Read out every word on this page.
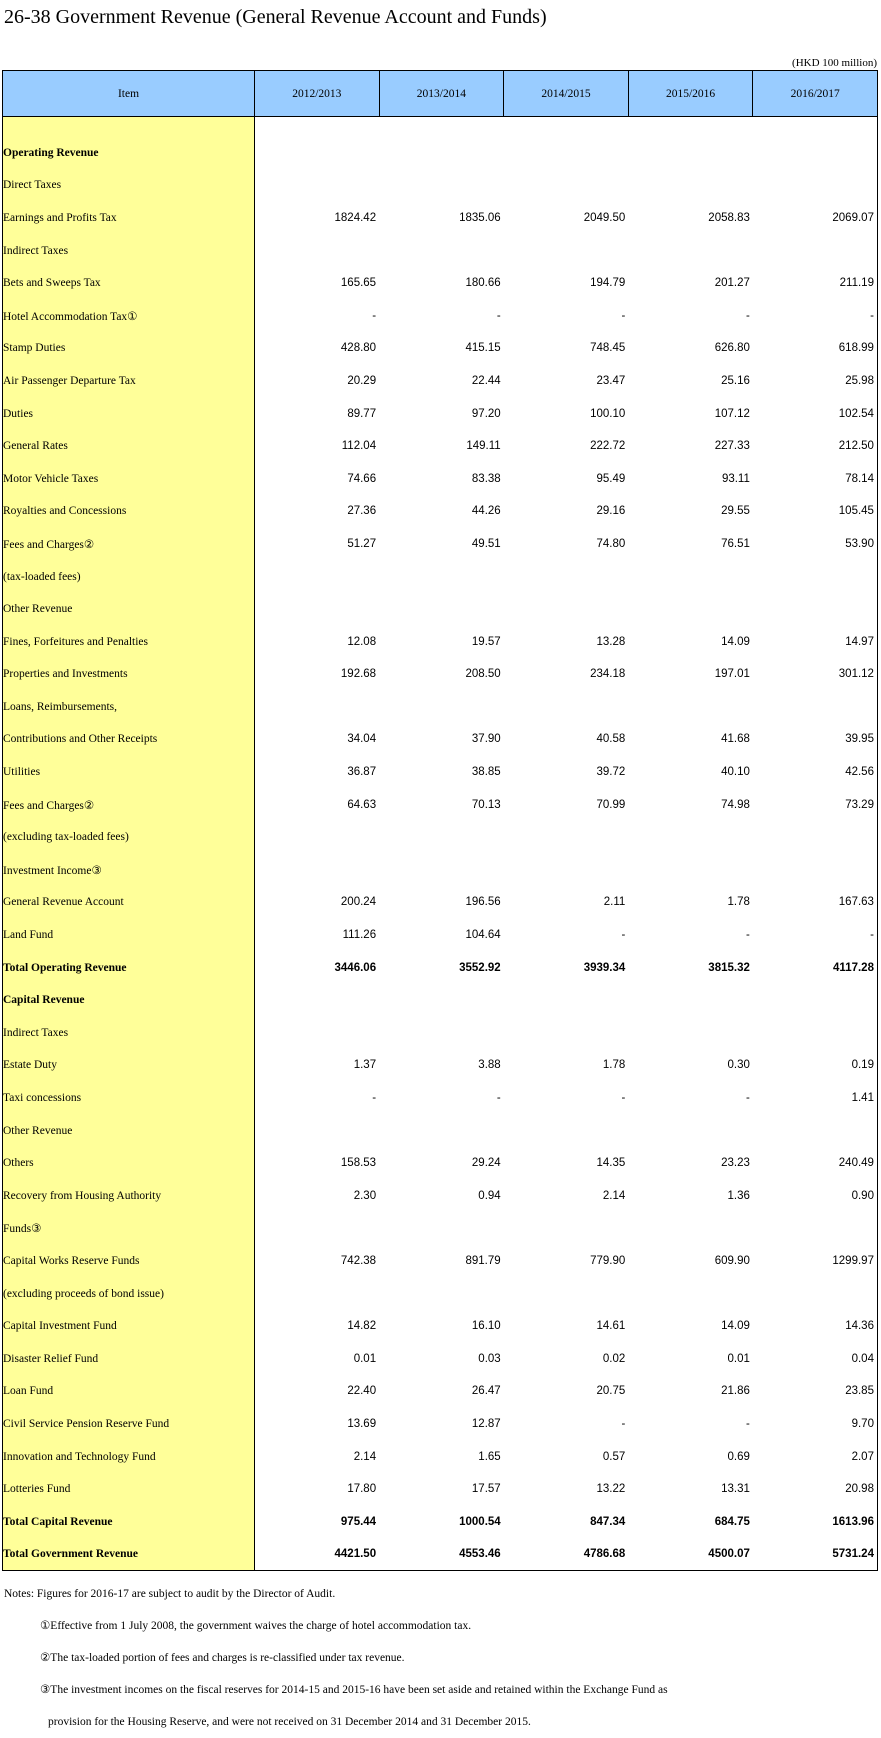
26-38 Government Revenue (General Revenue Account and Funds)
(HKD 100 million)
Item	2012/2013	2013/2014	2014/2015	2015/2016	2016/2017

Operating Revenue					
Direct Taxes					
Earnings and Profits Tax	1824.42	1835.06	2049.50	2058.83	2069.07
Indirect Taxes					
Bets and Sweeps Tax	165.65	180.66	194.79	201.27	211.19
Hotel Accommodation Tax①	-	-	-	-	-
Stamp Duties	428.80	415.15	748.45	626.80	618.99
Air Passenger Departure Tax	20.29	22.44	23.47	25.16	25.98
Duties	89.77	97.20	100.10	107.12	102.54
General Rates	112.04	149.11	222.72	227.33	212.50
Motor Vehicle Taxes	74.66	83.38	95.49	93.11	78.14
Royalties and Concessions	27.36	44.26	29.16	29.55	105.45
Fees and Charges②	51.27	49.51	74.80	76.51	53.90
(tax-loaded fees)					
Other Revenue					
Fines, Forfeitures and Penalties	12.08	19.57	13.28	14.09	14.97
Properties and Investments	192.68	208.50	234.18	197.01	301.12
Loans, Reimbursements,					
Contributions and Other Receipts	34.04	37.90	40.58	41.68	39.95
Utilities	36.87	38.85	39.72	40.10	42.56
Fees and Charges②	64.63	70.13	70.99	74.98	73.29
(excluding tax-loaded fees)					
Investment Income③					
General Revenue Account	200.24	196.56	2.11	1.78	167.63
Land Fund	111.26	104.64	-	-	-
Total Operating Revenue	3446.06	3552.92	3939.34	3815.32	4117.28
Capital Revenue					
Indirect Taxes					
Estate Duty	1.37	3.88	1.78	0.30	0.19
Taxi concessions	-	-	-	-	1.41
Other Revenue					
Others	158.53	29.24	14.35	23.23	240.49
Recovery from Housing Authority	2.30	0.94	2.14	1.36	0.90
Funds③					
Capital Works Reserve Funds	742.38	891.79	779.90	609.90	1299.97
(excluding proceeds of bond issue)					
Capital Investment Fund	14.82	16.10	14.61	14.09	14.36
Disaster Relief Fund	0.01	0.03	0.02	0.01	0.04
Loan Fund	22.40	26.47	20.75	21.86	23.85
Civil Service Pension Reserve Fund	13.69	12.87	-	-	9.70
Innovation and Technology Fund	2.14	1.65	0.57	0.69	2.07
Lotteries Fund	17.80	17.57	13.22	13.31	20.98
Total Capital Revenue	975.44	1000.54	847.34	684.75	1613.96
Total Government Revenue	4421.50	4553.46	4786.68	4500.07	5731.24
Notes: Figures for 2016-17 are subject to audit by the Director of Audit.
①Effective from 1 July 2008, the government waives the charge of hotel accommodation tax.
②The tax-loaded portion of fees and charges is re-classified under tax revenue.
③The investment incomes on the fiscal reserves for 2014-15 and 2015-16 have been set aside and retained within the Exchange Fund as
provision for the Housing Reserve, and were not received on 31 December 2014 and 31 December 2015.
